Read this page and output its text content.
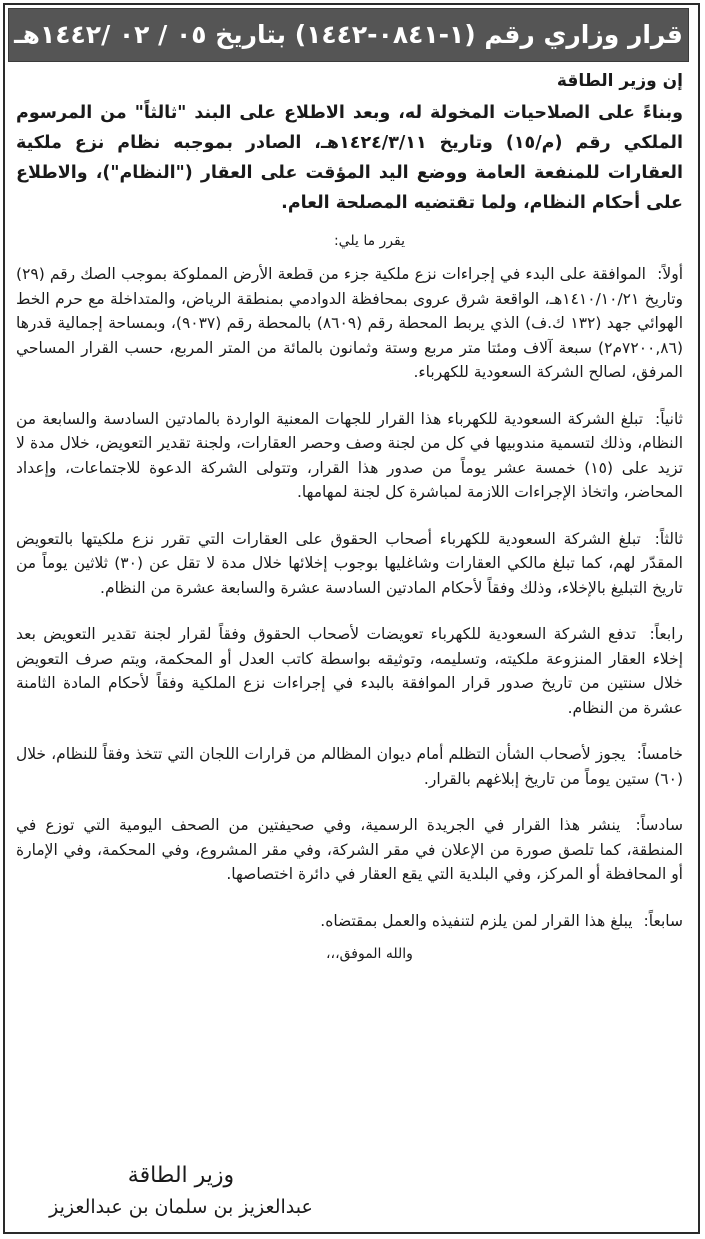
قرار وزاري رقم (١-٠٨٤١-١٤٤٢) بتاريخ ٠٥ / ٠٢ /١٤٤٢هـ
إن وزير الطاقة

وبناءً على الصلاحيات المخولة له، وبعد الاطلاع على البند "ثالثاً" من المرسوم الملكي رقم (م/١٥) وتاريخ ١٤٢٤/٣/١١هـ، الصادر بموجبه نظام نزع ملكية العقارات للمنفعة العامة ووضع اليد المؤقت على العقار ("النظام")، والاطلاع على أحكام النظام، ولما تقتضيه المصلحة العام.

يقرر ما يلي:

أولاً: الموافقة على البدء في إجراءات نزع ملكية جزء من قطعة الأرض المملوكة بموجب الصك رقم (٢٩) وتاريخ ١٤١٠/١٠/٢١هـ، الواقعة شرق عروى بمحافظة الدوادمي بمنطقة الرياض، والمتداخلة مع حرم الخط الهوائي جهد (١٣٢ ك.ف) الذي يربط المحطة رقم (٨٦٠٩) بالمحطة رقم (٩٠٣٧)، وبمساحة إجمالية قدرها (٧٢٠٠,٨٦م٢) سبعة آلاف ومئتا متر مربع وستة وثمانون بالمائة من المتر المربع، حسب القرار المساحي المرفق، لصالح الشركة السعودية للكهرباء.

ثانياً: تبلغ الشركة السعودية للكهرباء هذا القرار للجهات المعنية الواردة بالمادتين السادسة والسابعة من النظام، وذلك لتسمية مندوبيها في كل من لجنة وصف وحصر العقارات، ولجنة تقدير التعويض، خلال مدة لا تزيد على (١٥) خمسة عشر يوماً من صدور هذا القرار، وتتولى الشركة الدعوة للاجتماعات، وإعداد المحاضر، واتخاذ الإجراءات اللازمة لمباشرة كل لجنة لمهامها.

ثالثاً: تبلغ الشركة السعودية للكهرباء أصحاب الحقوق على العقارات التي تقرر نزع ملكيتها بالتعويض المقدّر لهم، كما تبلغ مالكي العقارات وشاغليها بوجوب إخلائها خلال مدة لا تقل عن (٣٠) ثلاثين يوماً من تاريخ التبليغ بالإخلاء، وذلك وفقاً لأحكام المادتين السادسة عشرة والسابعة عشرة من النظام.

رابعاً: تدفع الشركة السعودية للكهرباء تعويضات لأصحاب الحقوق وفقاً لقرار لجنة تقدير التعويض بعد إخلاء العقار المنزوعة ملكيته، وتسليمه، وتوثيقه بواسطة كاتب العدل أو المحكمة، ويتم صرف التعويض خلال سنتين من تاريخ صدور قرار الموافقة بالبدء في إجراءات نزع الملكية وفقاً لأحكام المادة الثامنة عشرة من النظام.

خامساً: يجوز لأصحاب الشأن التظلم أمام ديوان المظالم من قرارات اللجان التي تتخذ وفقاً للنظام، خلال (٦٠) ستين يوماً من تاريخ إبلاغهم بالقرار.

سادساً: ينشر هذا القرار في الجريدة الرسمية، وفي صحيفتين من الصحف اليومية التي توزع في المنطقة، كما تلصق صورة من الإعلان في مقر الشركة، وفي مقر المشروع، وفي المحكمة، وفي الإمارة أو المحافظة أو المركز، وفي البلدية التي يقع العقار في دائرة اختصاصها.

سابعاً: يبلغ هذا القرار لمن يلزم لتنفيذه والعمل بمقتضاه.

والله الموفق،،،
وزير الطاقة
عبدالعزيز بن سلمان بن عبدالعزيز
